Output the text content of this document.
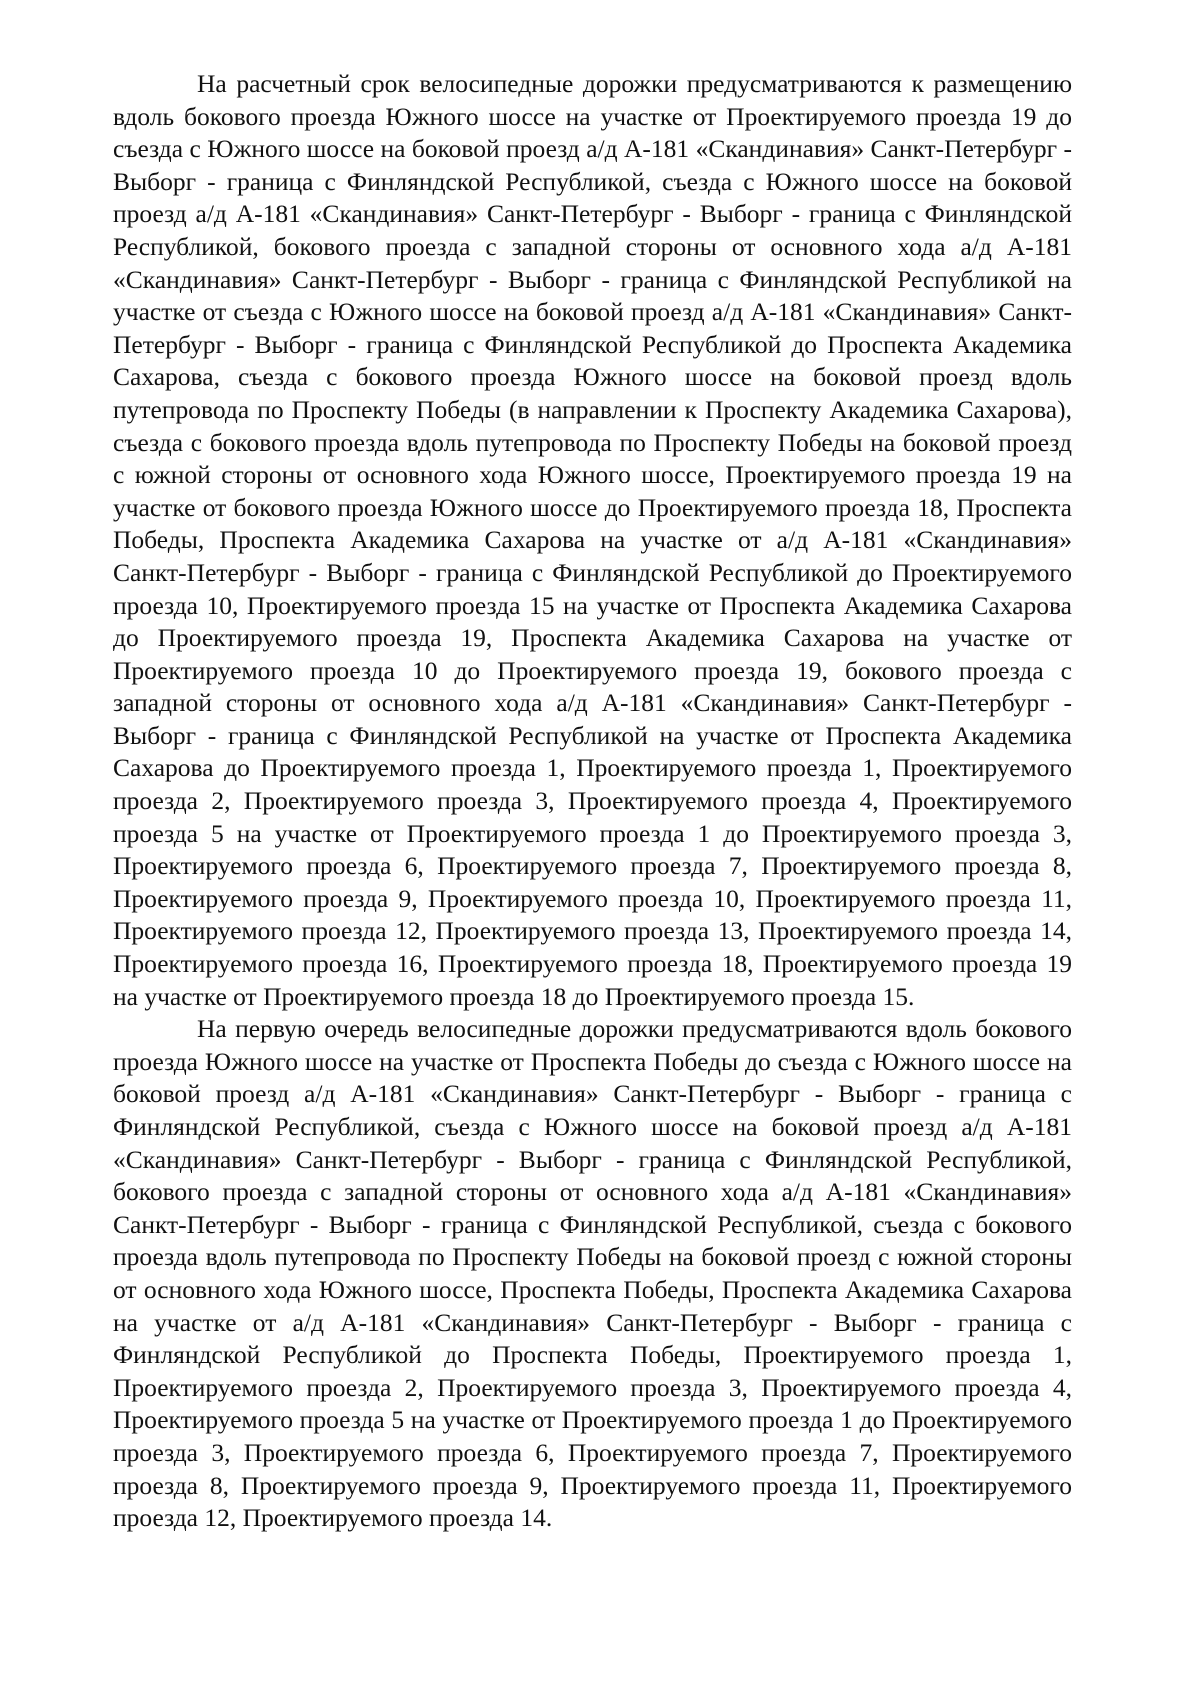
На расчетный срок велосипедные дорожки предусматриваются к размещению вдоль бокового проезда Южного шоссе на участке от Проектируемого проезда 19 до съезда с Южного шоссе на боковой проезд а/д А-181 «Скандинавия» Санкт-Петербург - Выборг - граница с Финляндской Республикой, съезда с Южного шоссе на боковой проезд а/д А-181 «Скандинавия» Санкт-Петербург - Выборг - граница с Финляндской Республикой, бокового проезда с западной стороны от основного хода а/д А-181 «Скандинавия» Санкт-Петербург - Выборг - граница с Финляндской Республикой на участке от съезда с Южного шоссе на боковой проезд а/д А-181 «Скандинавия» Санкт-Петербург - Выборг - граница с Финляндской Республикой до Проспекта Академика Сахарова, съезда с бокового проезда Южного шоссе на боковой проезд вдоль путепровода по Проспекту Победы (в направлении к Проспекту Академика Сахарова), съезда с бокового проезда вдоль путепровода по Проспекту Победы на боковой проезд с южной стороны от основного хода Южного шоссе, Проектируемого проезда 19 на участке от бокового проезда Южного шоссе до Проектируемого проезда 18, Проспекта Победы, Проспекта Академика Сахарова на участке от а/д А-181 «Скандинавия» Санкт-Петербург - Выборг - граница с Финляндской Республикой до Проектируемого проезда 10, Проектируемого проезда 15 на участке от Проспекта Академика Сахарова до Проектируемого проезда 19, Проспекта Академика Сахарова на участке от Проектируемого проезда 10 до Проектируемого проезда 19, бокового проезда с западной стороны от основного хода а/д А-181 «Скандинавия» Санкт-Петербург - Выборг - граница с Финляндской Республикой на участке от Проспекта Академика Сахарова до Проектируемого проезда 1, Проектируемого проезда 1, Проектируемого проезда 2, Проектируемого проезда 3, Проектируемого проезда 4, Проектируемого проезда 5 на участке от Проектируемого проезда 1 до Проектируемого проезда 3, Проектируемого проезда 6, Проектируемого проезда 7, Проектируемого проезда 8, Проектируемого проезда 9, Проектируемого проезда 10, Проектируемого проезда 11, Проектируемого проезда 12, Проектируемого проезда 13, Проектируемого проезда 14, Проектируемого проезда 16, Проектируемого проезда 18, Проектируемого проезда 19 на участке от Проектируемого проезда 18 до Проектируемого проезда 15.

На первую очередь велосипедные дорожки предусматриваются вдоль бокового проезда Южного шоссе на участке от Проспекта Победы до съезда с Южного шоссе на боковой проезд а/д А-181 «Скандинавия» Санкт-Петербург - Выборг - граница с Финляндской Республикой, съезда с Южного шоссе на боковой проезд а/д А-181 «Скандинавия» Санкт-Петербург - Выборг - граница с Финляндской Республикой, бокового проезда с западной стороны от основного хода а/д А-181 «Скандинавия» Санкт-Петербург - Выборг - граница с Финляндской Республикой, съезда с бокового проезда вдоль путепровода по Проспекту Победы на боковой проезд с южной стороны от основного хода Южного шоссе, Проспекта Победы, Проспекта Академика Сахарова на участке от а/д А-181 «Скандинавия» Санкт-Петербург - Выборг - граница с Финляндской Республикой до Проспекта Победы, Проектируемого проезда 1, Проектируемого проезда 2, Проектируемого проезда 3, Проектируемого проезда 4, Проектируемого проезда 5 на участке от Проектируемого проезда 1 до Проектируемого проезда 3, Проектируемого проезда 6, Проектируемого проезда 7, Проектируемого проезда 8, Проектируемого проезда 9, Проектируемого проезда 11, Проектируемого проезда 12, Проектируемого проезда 14.
